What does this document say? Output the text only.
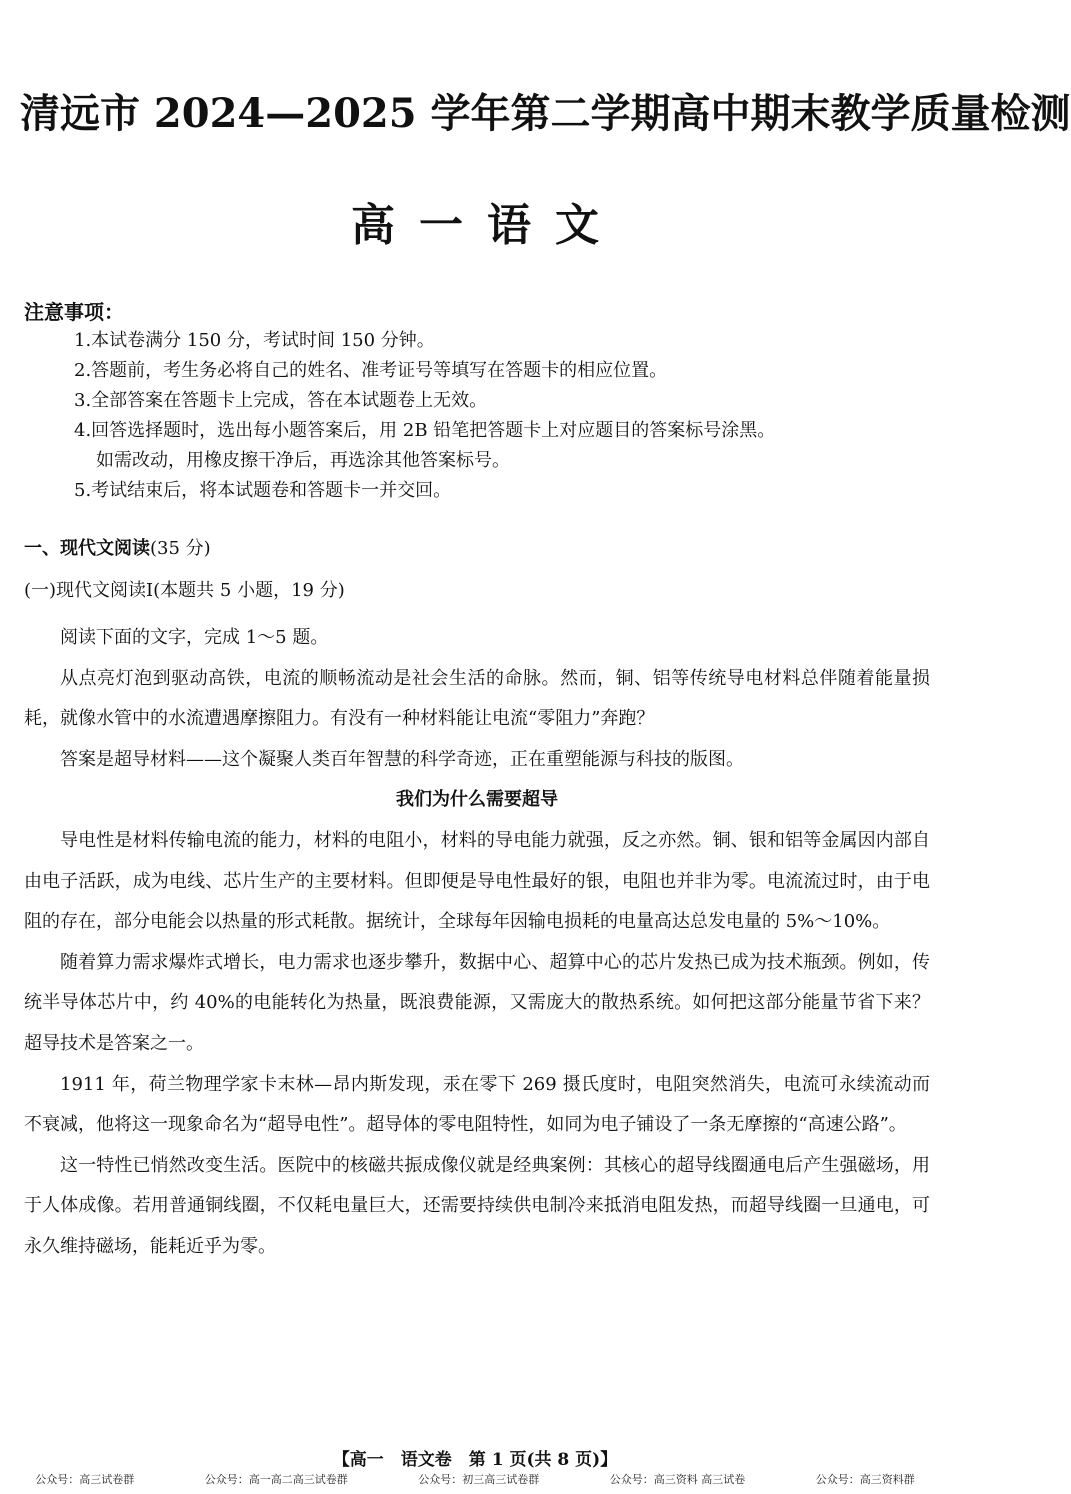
清远市 2024—2025 学年第二学期高中期末教学质量检测
高一语文
注意事项：
1.本试卷满分 150 分，考试时间 150 分钟。
2.答题前，考生务必将自己的姓名、准考证号等填写在答题卡的相应位置。
3.全部答案在答题卡上完成，答在本试题卷上无效。
4.回答选择题时，选出每小题答案后，用 2B 铅笔把答题卡上对应题目的答案标号涂黑。
如需改动，用橡皮擦干净后，再选涂其他答案标号。
5.考试结束后，将本试题卷和答题卡一并交回。
一、现代文阅读(35 分)
(一)现代文阅读Ⅰ(本题共 5 小题，19 分)

阅读下面的文字，完成 1～5 题。

从点亮灯泡到驱动高铁，电流的顺畅流动是社会生活的命脉。然而，铜、铝等传统导电材料总伴随着能量损耗，就像水管中的水流遭遇摩擦阻力。有没有一种材料能让电流“零阻力”奔跑？

答案是超导材料——这个凝聚人类百年智慧的科学奇迹，正在重塑能源与科技的版图。

我们为什么需要超导

导电性是材料传输电流的能力，材料的电阻小，材料的导电能力就强，反之亦然。铜、银和铝等金属因内部自由电子活跃，成为电线、芯片生产的主要材料。但即便是导电性最好的银，电阻也并非为零。电流流过时，由于电阻的存在，部分电能会以热量的形式耗散。据统计，全球每年因输电损耗的电量高达总发电量的 5%～10%。

随着算力需求爆炸式增长，电力需求也逐步攀升，数据中心、超算中心的芯片发热已成为技术瓶颈。例如，传统半导体芯片中，约 40%的电能转化为热量，既浪费能源，又需庞大的散热系统。如何把这部分能量节省下来？超导技术是答案之一。

1911 年，荷兰物理学家卡末林—昂内斯发现，汞在零下 269 摄氏度时，电阻突然消失，电流可永续流动而不衰减，他将这一现象命名为“超导电性”。超导体的零电阻特性，如同为电子铺设了一条无摩擦的“高速公路”。

这一特性已悄然改变生活。医院中的核磁共振成像仪就是经典案例：其核心的超导线圈通电后产生强磁场，用于人体成像。若用普通铜线圈，不仅耗电量巨大，还需要持续供电制冷来抵消电阻发热，而超导线圈一旦通电，可永久维持磁场，能耗近乎为零。

【高一　语文卷　第 1 页(共 8 页)】
公众号：高三试卷群	公众号：高一高二高三试卷群	公众号：初三高三试卷群	公众号：高三资料 高三试卷	公众号：高三资料群
